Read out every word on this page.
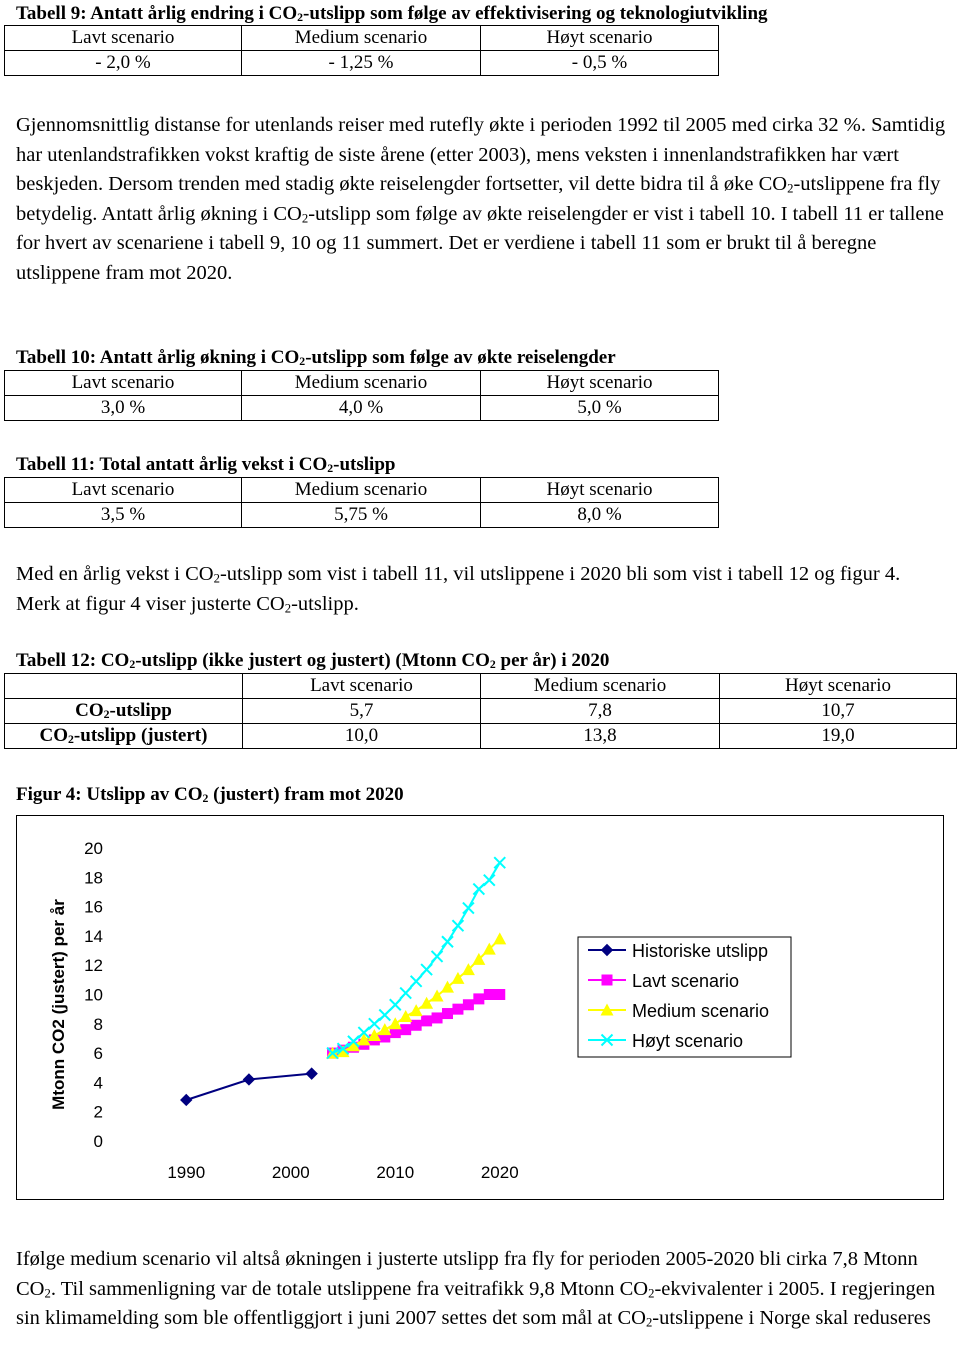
Tabell 9: Antatt årlig endring i $CO_2$-utslipp som følge av effektivisering og teknologiutvikling
Lavt scenario	Medium scenario	Høyt scenario
- 2,0 %	- 1,25 %	- 0,5 %
Gjennomsnittlig distanse for utenlands reiser med rutefly økte i perioden 1992 til 2005 med cirka 32 %. Samtidig har utenlandstrafikken vokst kraftig de siste årene (etter 2003), mens veksten i innenlandstrafikken har vært beskjeden. Dersom trenden med stadig økte reiselengder fortsetter, vil dette bidra til å øke $CO_2$-utslippene fra fly betydelig. Antatt årlig økning i $CO_2$-utslipp som følge av økte reiselengder er vist i tabell 10. I tabell 11 er tallene for hvert av scenariene i tabell 9, 10 og 11 summert. Det er verdiene i tabell 11 som er brukt til å beregne utslippene fram mot 2020.
Tabell 10: Antatt årlig økning i $CO_2$-utslipp som følge av økte reiselengder
Lavt scenario	Medium scenario	Høyt scenario
3,0 %	4,0 %	5,0 %
Tabell 11: Total antatt årlig vekst i $CO_2$-utslipp
Lavt scenario	Medium scenario	Høyt scenario
3,5 %	5,75 %	8,0 %
Med en årlig vekst i $CO_2$-utslipp som vist i tabell 11, vil utslippene i 2020 bli som vist i tabell 12 og figur 4. Merk at figur 4 viser justerte $CO_2$-utslipp.
Tabell 12: $CO_2$-utslipp (ikke justert og justert) (Mtonn $CO_2$ per år) i 2020
	Lavt scenario	Medium scenario	Høyt scenario
$CO_2$-utslipp	5,7	7,8	10,7
$CO_2$-utslipp (justert)	10,0	13,8	19,0
Figur 4: Utslipp av $CO_2$ (justert) fram mot 2020
0
2
4
6
8
10
12
14
16
18
20
1990	2000	2010	2020
Mtonn CO2 (justert) per år	Historiske utslipp
Lavt scenario
Medium scenario
Høyt scenario
Ifølge medium scenario vil altså økningen i justerte utslipp fra fly for perioden 2005-2020 bli cirka 7,8 Mtonn $CO_2$. Til sammenligning var de totale utslippene fra veitrafikk 9,8 Mtonn $CO_2$-ekvivalenter i 2005. I regjeringen sin klimamelding som ble offentliggjort i juni 2007 settes det som mål at $CO_2$-utslippene i Norge skal reduseres
